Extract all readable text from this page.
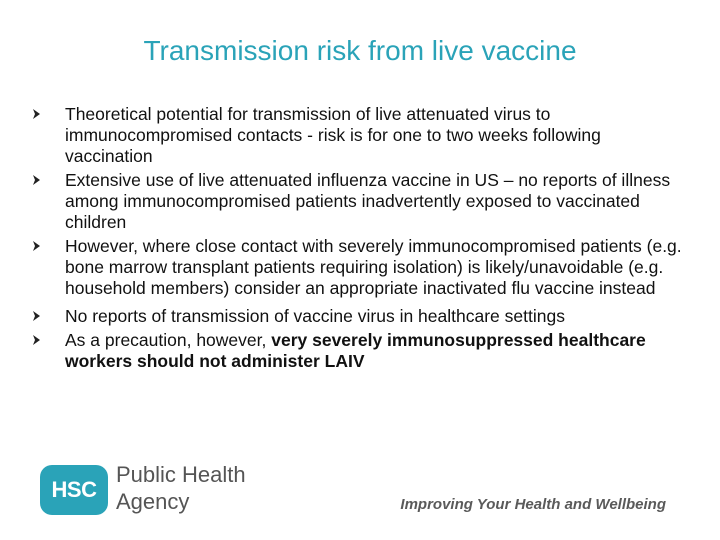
Transmission risk from live vaccine
Theoretical potential for transmission of live attenuated virus to immunocompromised contacts - risk is for one to two weeks following vaccination
Extensive use of live attenuated influenza vaccine in US – no reports of illness among immunocompromised patients inadvertently exposed to vaccinated children
However, where close contact with severely immunocompromised patients (e.g. bone marrow transplant patients requiring isolation) is likely/unavoidable (e.g. household members) consider an appropriate inactivated flu vaccine instead
No reports of transmission of vaccine virus in healthcare settings
As a precaution, however, very severely immunosuppressed healthcare workers should not administer LAIV
HSC
Public Health
Agency	Improving Your Health and Wellbeing
